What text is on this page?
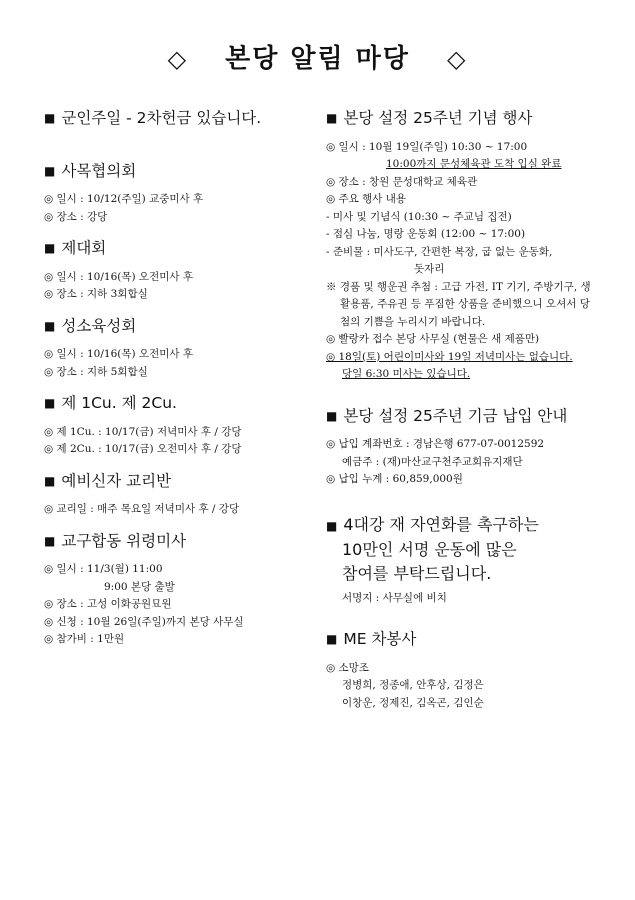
◇ 본당 알림 마당 ◇
■ 군인주일 - 2차헌금 있습니다.
■ 사목협의회
◎ 일시 : 10/12(주일) 교중미사 후
◎ 장소 : 강당
■ 제대회
◎ 일시 : 10/16(목) 오전미사 후
◎ 장소 : 지하 3회합실
■ 성소육성회
◎ 일시 : 10/16(목) 오전미사 후
◎ 장소 : 지하 5회합실
■ 제 1Cu. 제 2Cu.
◎ 제 1Cu. : 10/17(금) 저녁미사 후 / 강당
◎ 제 2Cu. : 10/17(금) 오전미사 후 / 강당
■ 예비신자 교리반
◎ 교리일 : 매주 목요일 저녁미사 후 / 강당
■ 교구합동 위령미사
◎ 일시 : 11/3(월) 11:00
9:00 본당 출발
◎ 장소 : 고성 이화공원묘원
◎ 신청 : 10월 26일(주일)까지 본당 사무실
◎ 참가비 : 1만원
■ 본당 설정 25주년 기념 행사
◎ 일시 : 10월 19일(주일) 10:30 ~ 17:00
10:00까지 문성체육관 도착 입실 완료
◎ 장소 : 창원 문성대학교 체육관
◎ 주요 행사 내용
- 미사 및 기념식 (10:30 ~ 주교님 집전)
- 점심 나눔, 명랑 운동회 (12:00 ~ 17:00)
- 준비물 : 미사도구, 간편한 복장, 굽 없는 운동화,
돗자리
※ 경품 및 행운권 추첨 : 고급 가전, IT 기기, 주방기구, 생활용품, 주유권 등 푸짐한 상품을 준비했으니 오셔서 당첨의 기쁨을 누리시기 바랍니다.
◎ 빨랑카 접수 본당 사무실 (현물은 새 제품만)
◎ 18일(토) 어린이미사와 19일 저녁미사는 없습니다.
당일 6:30 미사는 있습니다.
■ 본당 설정 25주년 기금 납입 안내
◎ 납입 계좌번호 : 경남은행 677-07-0012592
예금주 : (재)마산교구천주교회유지재단
◎ 납입 누계 : 60,859,000원
■ 4대강 재 자연화를 촉구하는
10만인 서명 운동에 많은
참여를 부탁드립니다.
서명지 : 사무실에 비치
■ ME 차봉사
◎ 소망조
정병희, 정종애, 안후상, 김정은
이창운, 정제진, 김옥곤, 김인순
